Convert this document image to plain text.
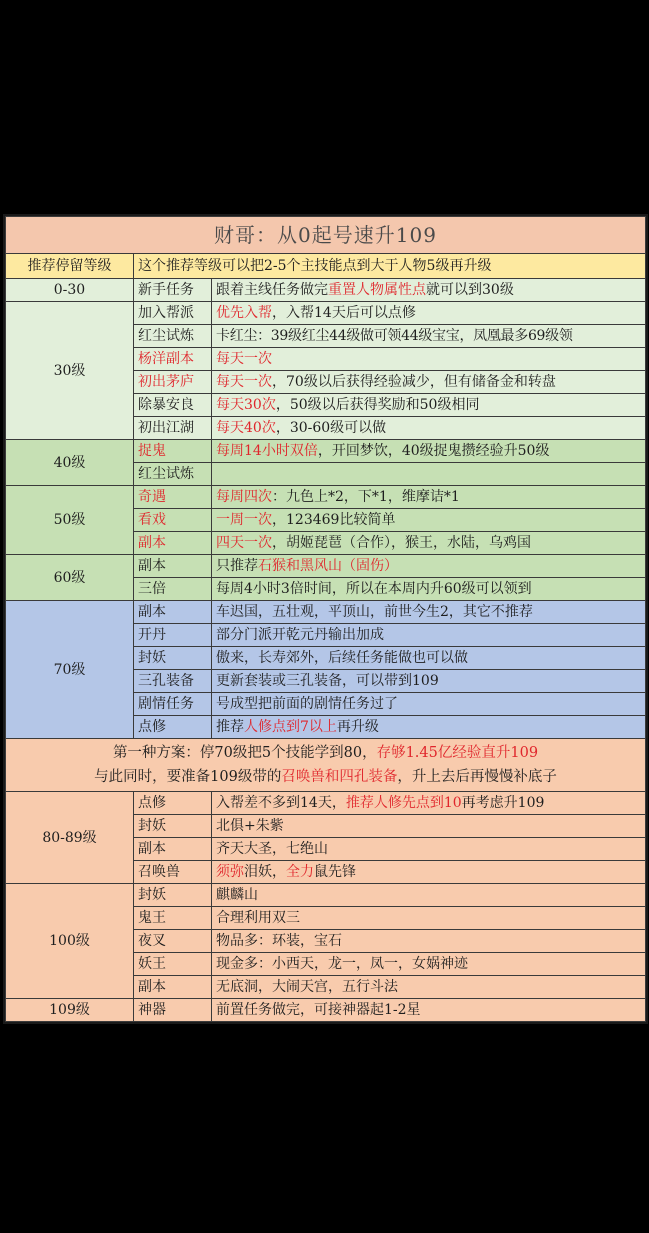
财哥：从0起号速升109		
推荐停留等级	这个推荐等级可以把2-5个主技能点到大于人物5级再升级	
0-30	新手任务	跟着主线任务做完重置人物属性点就可以到30级
30级	加入帮派	优先入帮，入帮14天后可以点修
	红尘试炼	卡红尘：39级红尘44级做可领44级宝宝，凤凰最多69级领
	杨洋副本	每天一次
	初出茅庐	每天一次，70级以后获得经验减少，但有储备金和转盘
	除暴安良	每天30次，50级以后获得奖励和50级相同
	初出江湖	每天40次，30-60级可以做
40级	捉鬼	每周14小时双倍，开回梦饮，40级捉鬼攒经验升50级
	红尘试炼	
50级	奇遇	每周四次：九色上*2，下*1，维摩诘*1
	看戏	一周一次，123469比较简单
	副本	四天一次，胡姬琵琶（合作），猴王，水陆，乌鸡国
60级	副本	只推荐石猴和黑风山（固伤）
	三倍	每周4小时3倍时间，所以在本周内升60级可以领到
70级	副本	车迟国，五壮观，平顶山，前世今生2，其它不推荐
	开丹	部分门派开乾元丹输出加成
	封妖	傲来，长寿郊外，后续任务能做也可以做
	三孔装备	更新套装或三孔装备，可以带到109
	剧情任务	号成型把前面的剧情任务过了
	点修	推荐人修点到7以上再升级

第一种方案：停70级把5个技能学到80，存够1.45亿经验直升109
与此同时，要准备109级带的召唤兽和四孔装备，升上去后再慢慢补底子		

80-89级	点修	入帮差不多到14天，推荐人修先点到10再考虑升109
	封妖	北俱+朱紫
	副本	齐天大圣，七绝山
	召唤兽	须弥泪妖，全力鼠先锋
100级	封妖	麒麟山
	鬼王	合理利用双三
	夜叉	物品多：环装，宝石
	妖王	现金多：小西天，龙一，凤一，女娲神迹
	副本	无底洞，大闹天宫，五行斗法
109级	神器	前置任务做完，可接神器起1-2星
